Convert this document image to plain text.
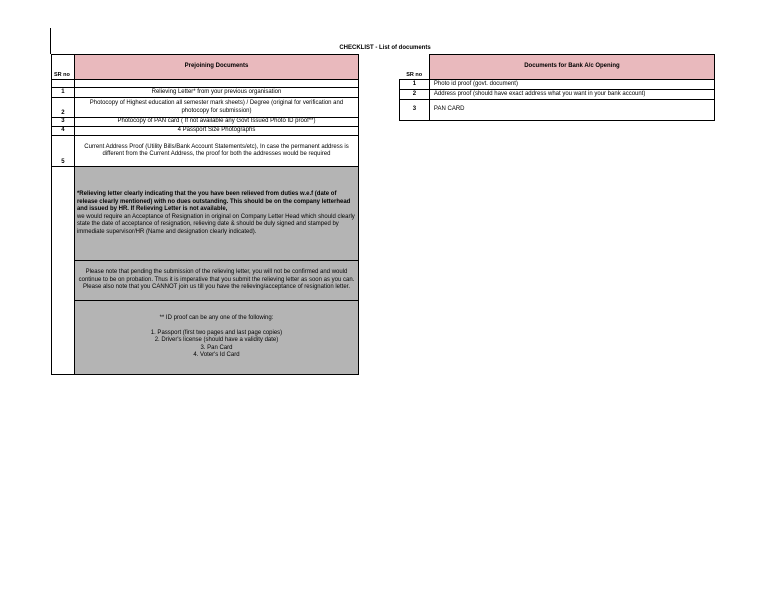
CHECKLIST - List of documents
SR no	Prejoining Documents

1	Relieving Letter* from your previous organisation
2	Photocopy of Highest education all semester mark sheets) / Degree (original for verification and photocopy for submission)
3	Photocopy of PAN card ( If not available any Govt Issued Photo ID proof**)
4	4 Passport Size Photographs
5	Current Address Proof (Utility Bills/Bank Account Statements/etc), In case the permanent address is different from the Current Address, the proof for both the addresses would be required
	*Relieving letter clearly indicating that the you have been relieved from duties w.e.f (date of release clearly mentioned) with no dues outstanding. This should be on the company letterhead and issued by HR. If Relieving Letter is not available,
we would require an Acceptance of Resignation in original on Company Letter Head which should clearly state the date of acceptance of resignation, relieving date & should be duly signed and stamped by immediate supervisor/HR (Name and designation clearly indicated).
	Please note that pending the submission of the relieving letter, you will not be confirmed and would continue to be on probation. Thus it is imperative that you submit the relieving letter as soon as you can. Please also note that you CANNOT join us till you have the relieving/acceptance of resignation letter.

	** ID proof can be any one of the following:
1. Passport (first two pages and last page copies)
2. Driver's license (should have a validity date)
3. Pan Card
4. Voter's Id Card
SR no	Documents for Bank A/c Opening
1	Photo id proof (govt. document)
2	Address proof (should have exact address what you want in your bank account)
3	PAN CARD
